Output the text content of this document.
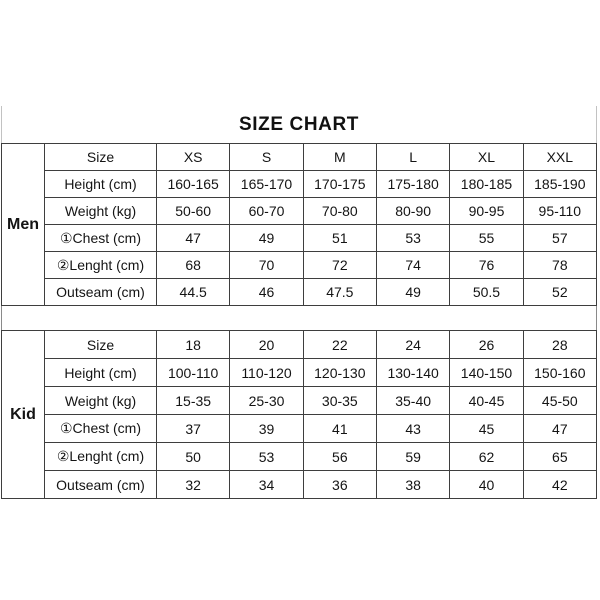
SIZE CHART
Men	Size	XS	S	M	L	XL	XXL
	Height (cm)	160-165	165-170	170-175	175-180	180-185	185-190
	Weight (kg)	50-60	60-70	70-80	80-90	90-95	95-110
	①Chest (cm)	47	49	51	53	55	57
	②Lenght (cm)	68	70	72	74	76	78
	Outseam (cm)	44.5	46	47.5	49	50.5	52
Kid	Size	18	20	22	24	26	28
	Height (cm)	100-110	110-120	120-130	130-140	140-150	150-160
	Weight (kg)	15-35	25-30	30-35	35-40	40-45	45-50
	①Chest (cm)	37	39	41	43	45	47
	②Lenght (cm)	50	53	56	59	62	65
	Outseam (cm)	32	34	36	38	40	42
